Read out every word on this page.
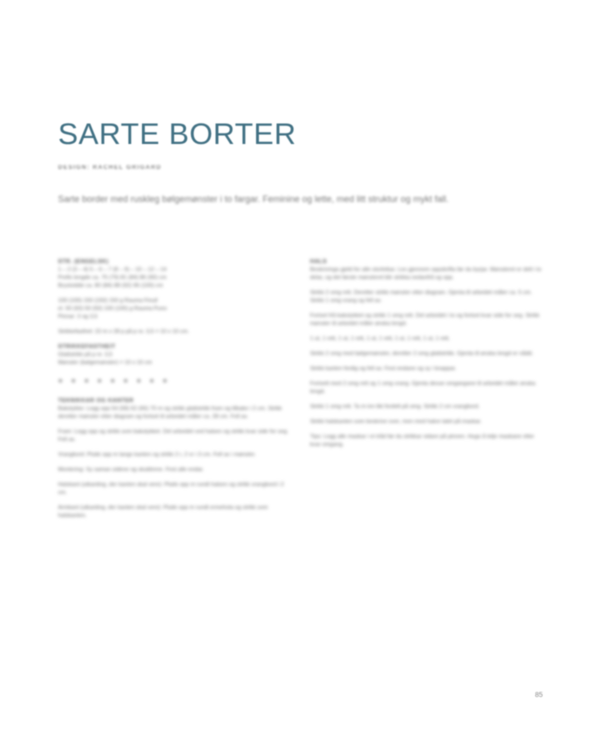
SARTE BORTER
DESIGN: RACHEL GRIGARD
Sarte border med ruskleg bølgemønster i to fargar. Feminine og lette, med litt struktur og mykt fall.
STR. (ENGELSK)
1 – 2 (3 – 4) 5 – 6 – 7 (8 – 9) – 10 – 12 – 14
Prefix lengde ca. 75 (79) 81 (84) 86 (90) cm
Brystvidde ca. 80 (84) 88 (92) 96 (100) cm
100 (100) 150 (150) 150 g Rauma Finull
el. 50 (50) 50 (50) 100 (100) g Rauma Puno
Pinnar: 3 og 3,5
Strikkefasthet: 22 m x 28 p på p nr. 3,5 = 10 x 10 cm.
STRIKKEFASTHEIT
Glattstrikk på p nr. 3,5
Mønster (bølgemønster) = 10 x 10 cm
● ● ● ● ● ● ● ● ●
TEKNIKKAR OG KANTER
Bakstykke: Legg opp 54 (58) 62 (66) 70 m og strikk glattstrikk fram og tilbake i 2 cm. Strikk deretter mønster etter diagram og fortset til arbeidet måler ca. 28 cm. Fell av.
Fram: Legg opp og strikk som bakstykket. Del arbeidet ved halsen og strikk kvar side for seg. Fell av.
Vrangbord: Plukk opp m langs kanten og strikk 2 r, 2 vr i 3 cm. Fell av i mønster.
Montering: Sy saman sidene og skuldrene. Fest alle endar.
Halskant (utkanting, der kanten skal vere): Plukk opp m rundt halsen og strikk vrangbord i 2 cm.
Armkant (utkanting, der kanten skal vere): Plukk opp m rundt ermehola og strikk som halskanten.
HALS
Beskrivinga gjeld for alle storleikar. Les gjennom oppskrifta før du byrjar. Mønsteret er delt i to delar, og det første mønsteret blir strikka nedanfrå og opp.
Strikk 2 omg rett. Deretter strikk mønster etter diagram. Gjenta til arbeidet måler ca. 5 cm. Strikk 1 omg vrang og fell av.
Fortset frå bakstykket og strikk 1 omg rett. Del arbeidet i to og fortset kvar side for seg. Strikk mønster til arbeidet måler ønska lengd.
1 ut, 1 rett, 1 ut, 1 rett, 1 ut, 1 rett, 1 ut, 1 rett, 1 ut, 1 rett.
Strikk 2 omg med bølgemønster, deretter 2 omg glattstrikk. Gjenta til ønska lengd er nådd.
Strikk kanten ferdig og fell av. Fest endane og sy i knappar.
Fortsett med 2 omg rett og 1 omg vrang. Gjenta desse omgangane til arbeidet måler ønska lengd.
Strikk 1 omg rett. Ta m inn likt fordelt på omg. Strikk 2 cm vrangbord.
Strikk halskanten som beskrive over, men med halve talet på maskar.
Tips: Legg alle maskar i ei tråd før du strikkar vidare på pinnen. Hugs å telje maskane etter kvar omgang.
85
